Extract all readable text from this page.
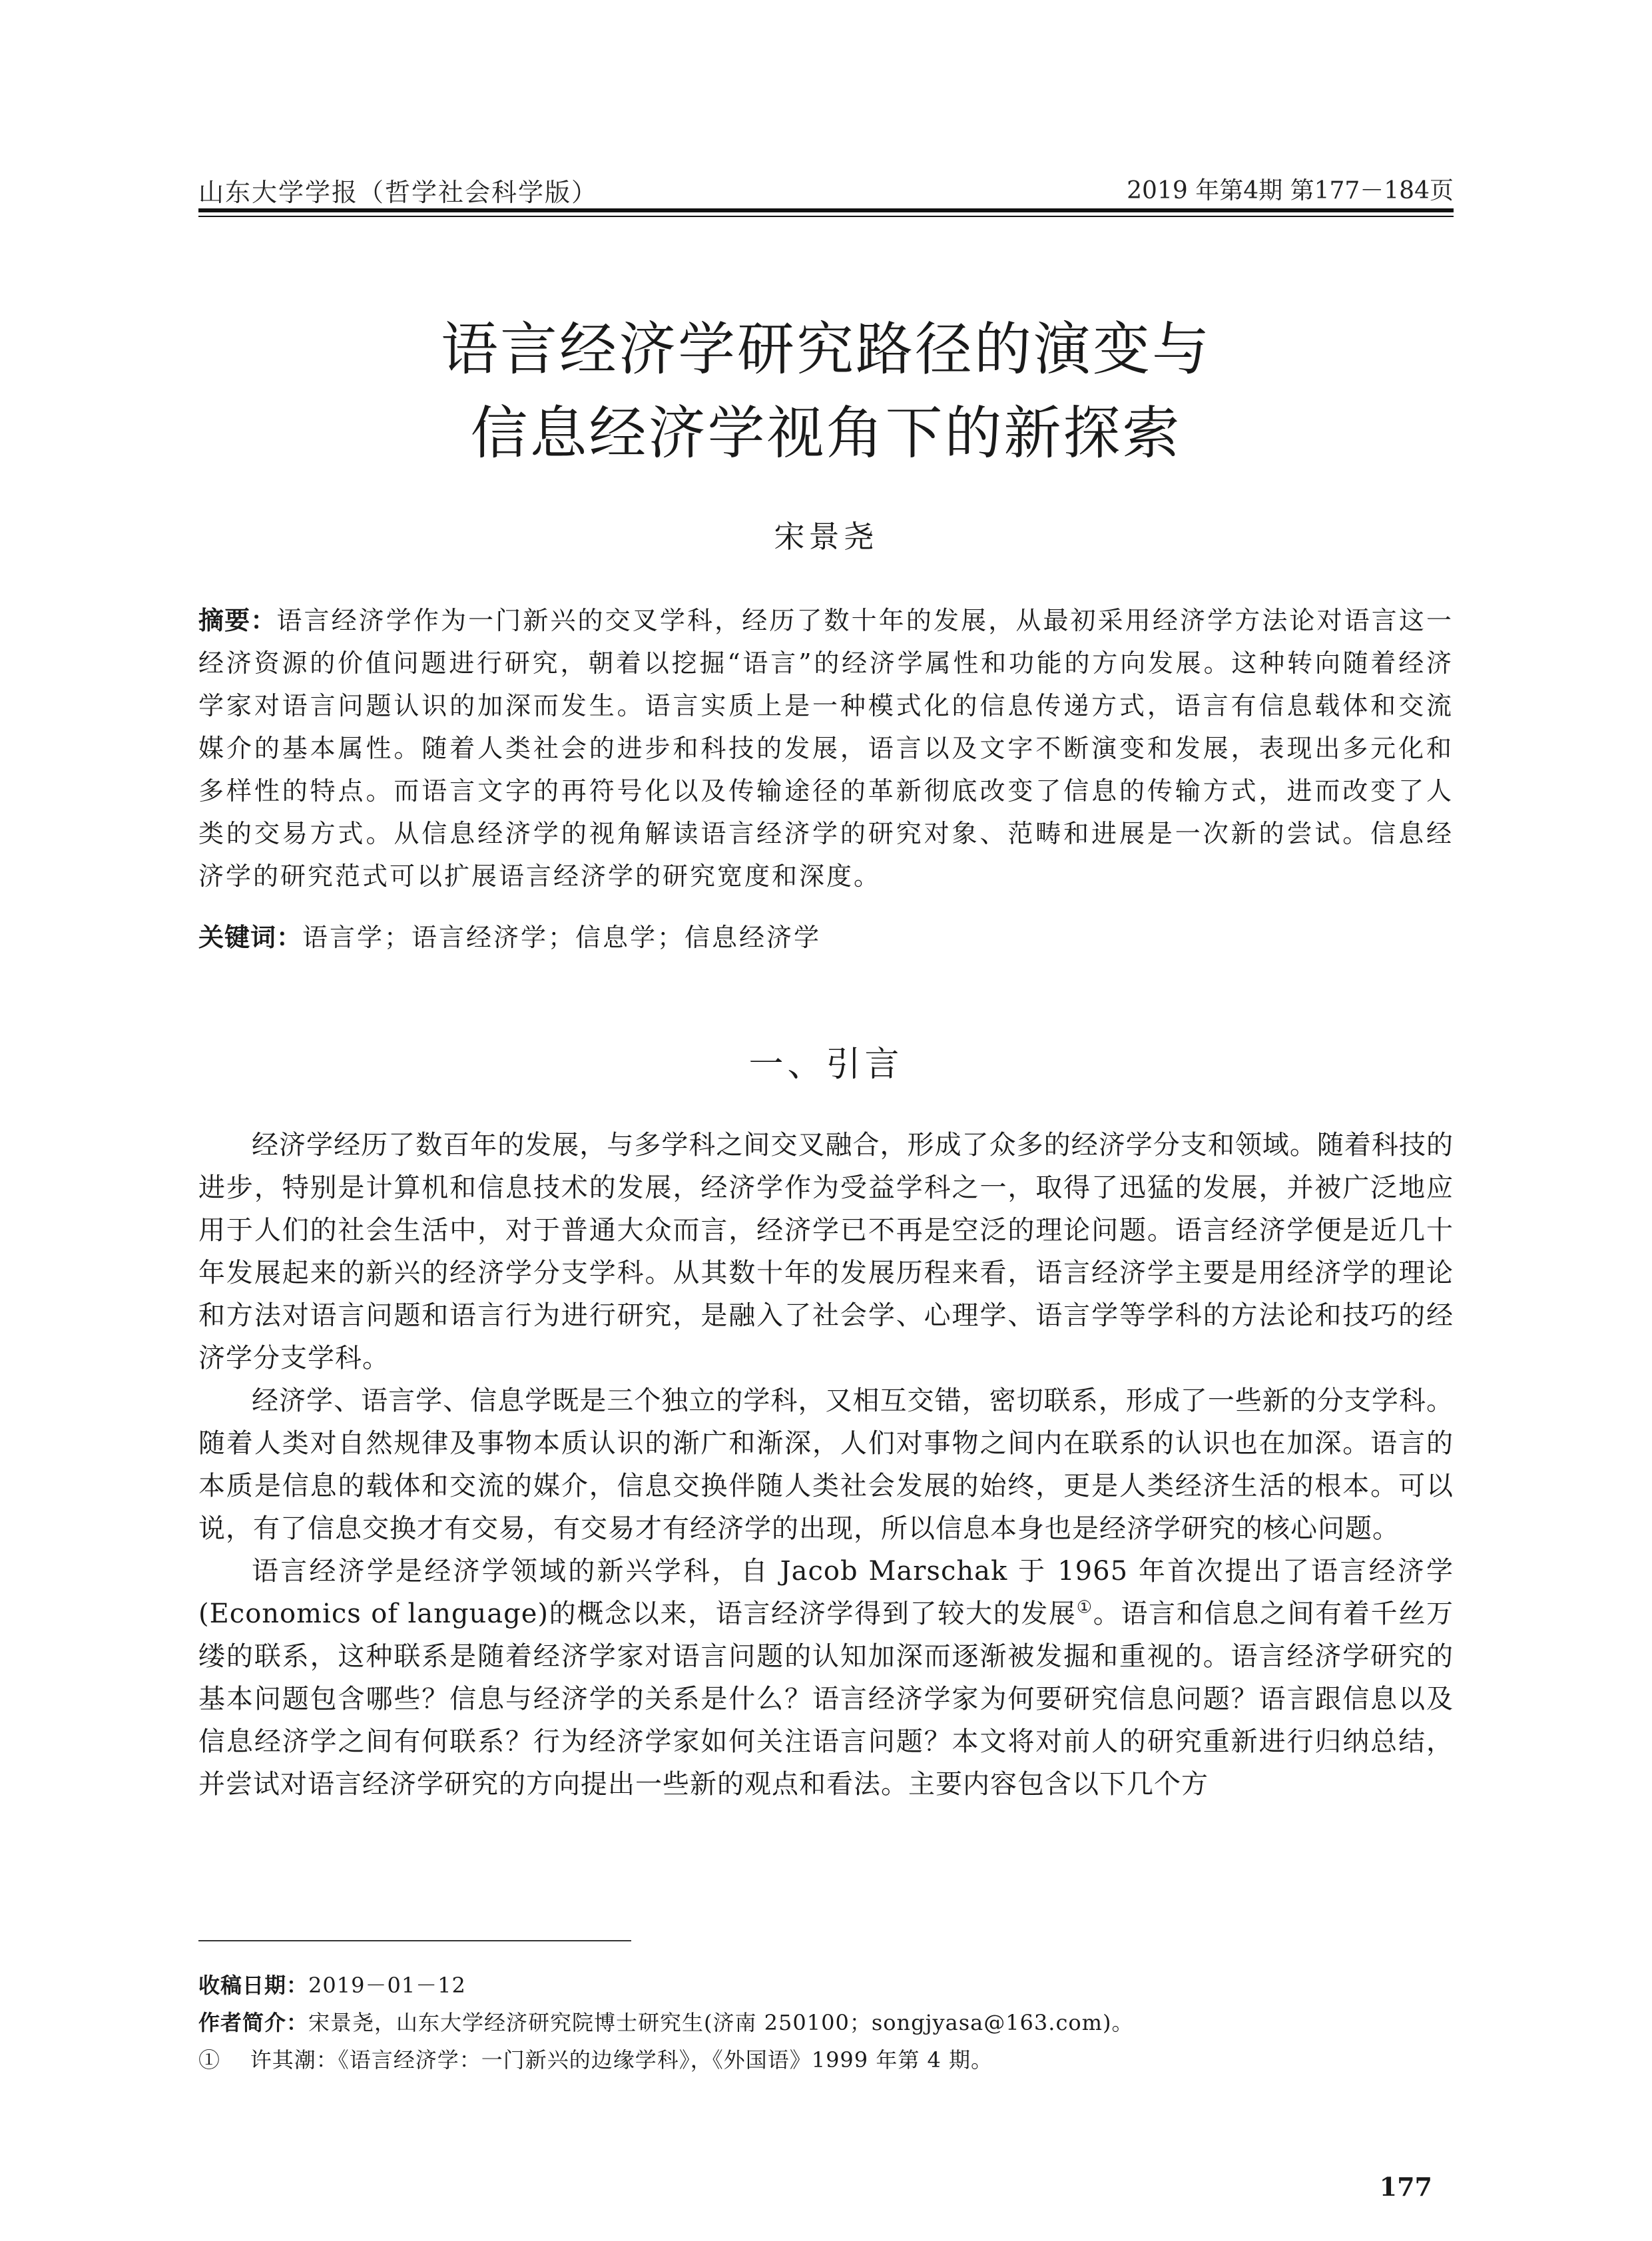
山东大学学报（哲学社会科学版）	2019 年第4期 第177－184页
语言经济学研究路径的演变与
信息经济学视角下的新探索
宋景尧
摘要：语言经济学作为一门新兴的交叉学科，经历了数十年的发展，从最初采用经济学方法论对语言这一经济资源的价值问题进行研究，朝着以挖掘“语言”的经济学属性和功能的方向发展。这种转向随着经济学家对语言问题认识的加深而发生。语言实质上是一种模式化的信息传递方式，语言有信息载体和交流媒介的基本属性。随着人类社会的进步和科技的发展，语言以及文字不断演变和发展，表现出多元化和多样性的特点。而语言文字的再符号化以及传输途径的革新彻底改变了信息的传输方式，进而改变了人类的交易方式。从信息经济学的视角解读语言经济学的研究对象、范畴和进展是一次新的尝试。信息经济学的研究范式可以扩展语言经济学的研究宽度和深度。
关键词：语言学；语言经济学；信息学；信息经济学
一、引言

经济学经历了数百年的发展，与多学科之间交叉融合，形成了众多的经济学分支和领域。随着科技的进步，特别是计算机和信息技术的发展，经济学作为受益学科之一，取得了迅猛的发展，并被广泛地应用于人们的社会生活中，对于普通大众而言，经济学已不再是空泛的理论问题。语言经济学便是近几十年发展起来的新兴的经济学分支学科。从其数十年的发展历程来看，语言经济学主要是用经济学的理论和方法对语言问题和语言行为进行研究，是融入了社会学、心理学、语言学等学科的方法论和技巧的经济学分支学科。

经济学、语言学、信息学既是三个独立的学科，又相互交错，密切联系，形成了一些新的分支学科。随着人类对自然规律及事物本质认识的渐广和渐深，人们对事物之间内在联系的认识也在加深。语言的本质是信息的载体和交流的媒介，信息交换伴随人类社会发展的始终，更是人类经济生活的根本。可以说，有了信息交换才有交易，有交易才有经济学的出现，所以信息本身也是经济学研究的核心问题。

语言经济学是经济学领域的新兴学科，自 Jacob Marschak 于 1965 年首次提出了语言经济学(Economics of language)的概念以来，语言经济学得到了较大的发展①。语言和信息之间有着千丝万缕的联系，这种联系是随着经济学家对语言问题的认知加深而逐渐被发掘和重视的。语言经济学研究的基本问题包含哪些？信息与经济学的关系是什么？语言经济学家为何要研究信息问题？语言跟信息以及信息经济学之间有何联系？行为经济学家如何关注语言问题？本文将对前人的研究重新进行归纳总结，并尝试对语言经济学研究的方向提出一些新的观点和看法。主要内容包含以下几个方

收稿日期：2019－01－12
作者简介：宋景尧，山东大学经济研究院博士研究生(济南 250100；songjyasa@163.com)。
① 许其潮：《语言经济学：一门新兴的边缘学科》，《外国语》1999 年第 4 期。
177
